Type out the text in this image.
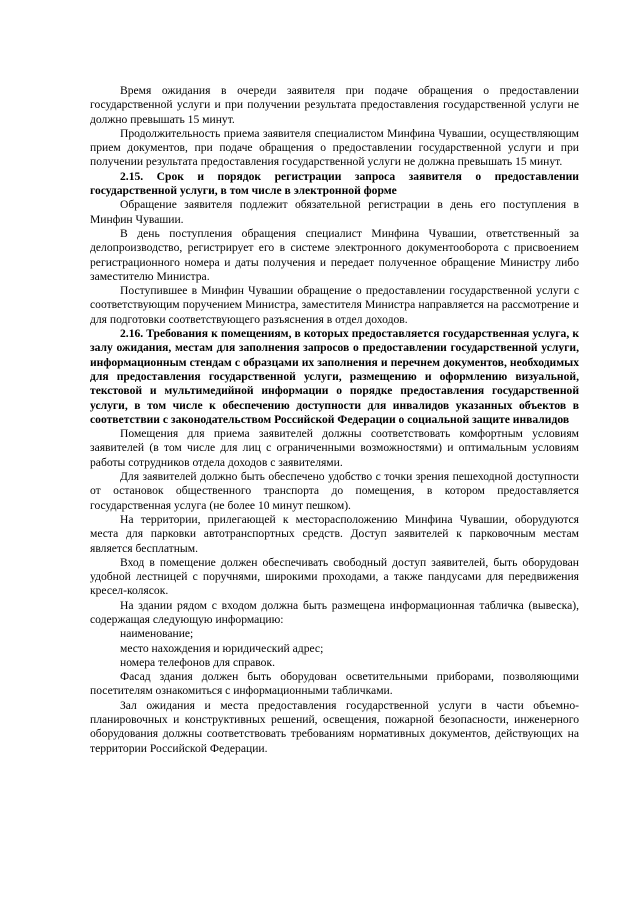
Время ожидания в очереди заявителя при подаче обращения о предоставлении государственной услуги и при получении результата предоставления государственной услуги не должно превышать 15 минут.

Продолжительность приема заявителя специалистом Минфина Чувашии, осуществляющим прием документов, при подаче обращения о предоставлении государственной услуги и при получении результата предоставления государственной услуги не должна превышать 15 минут.

2.15. Срок и порядок регистрации запроса заявителя о предоставлении государственной услуги, в том числе в электронной форме

Обращение заявителя подлежит обязательной регистрации в день его поступления в Минфин Чувашии.

В день поступления обращения специалист Минфина Чувашии, ответственный за делопроизводство, регистрирует его в системе электронного документооборота с присвоением регистрационного номера и даты получения и передает полученное обращение Министру либо заместителю Министра.

Поступившее в Минфин Чувашии обращение о предоставлении государственной услуги с соответствующим поручением Министра, заместителя Министра направляется на рассмотрение и для подготовки соответствующего разъяснения в отдел доходов.

2.16. Требования к помещениям, в которых предоставляется государственная услуга, к залу ожидания, местам для заполнения запросов о предоставлении государственной услуги, информационным стендам с образцами их заполнения и перечнем документов, необходимых для предоставления государственной услуги, размещению и оформлению визуальной, текстовой и мультимедийной информации о порядке предоставления государственной услуги, в том числе к обеспечению доступности для инвалидов указанных объектов в соответствии с законодательством Российской Федерации о социальной защите инвалидов

Помещения для приема заявителей должны соответствовать комфортным условиям заявителей (в том числе для лиц с ограниченными возможностями) и оптимальным условиям работы сотрудников отдела доходов с заявителями.

Для заявителей должно быть обеспечено удобство с точки зрения пешеходной доступности от остановок общественного транспорта до помещения, в котором предоставляется государственная услуга (не более 10 минут пешком).

На территории, прилегающей к месторасположению Минфина Чувашии, оборудуются места для парковки автотранспортных средств. Доступ заявителей к парковочным местам является бесплатным.

Вход в помещение должен обеспечивать свободный доступ заявителей, быть оборудован удобной лестницей с поручнями, широкими проходами, а также пандусами для передвижения кресел-колясок.

На здании рядом с входом должна быть размещена информационная табличка (вывеска), содержащая следующую информацию:

наименование;

место нахождения и юридический адрес;

номера телефонов для справок.

Фасад здания должен быть оборудован осветительными приборами, позволяющими посетителям ознакомиться с информационными табличками.

Зал ожидания и места предоставления государственной услуги в части объемно-планировочных и конструктивных решений, освещения, пожарной безопасности, инженерного оборудования должны соответствовать требованиям нормативных документов, действующих на территории Российской Федерации.
